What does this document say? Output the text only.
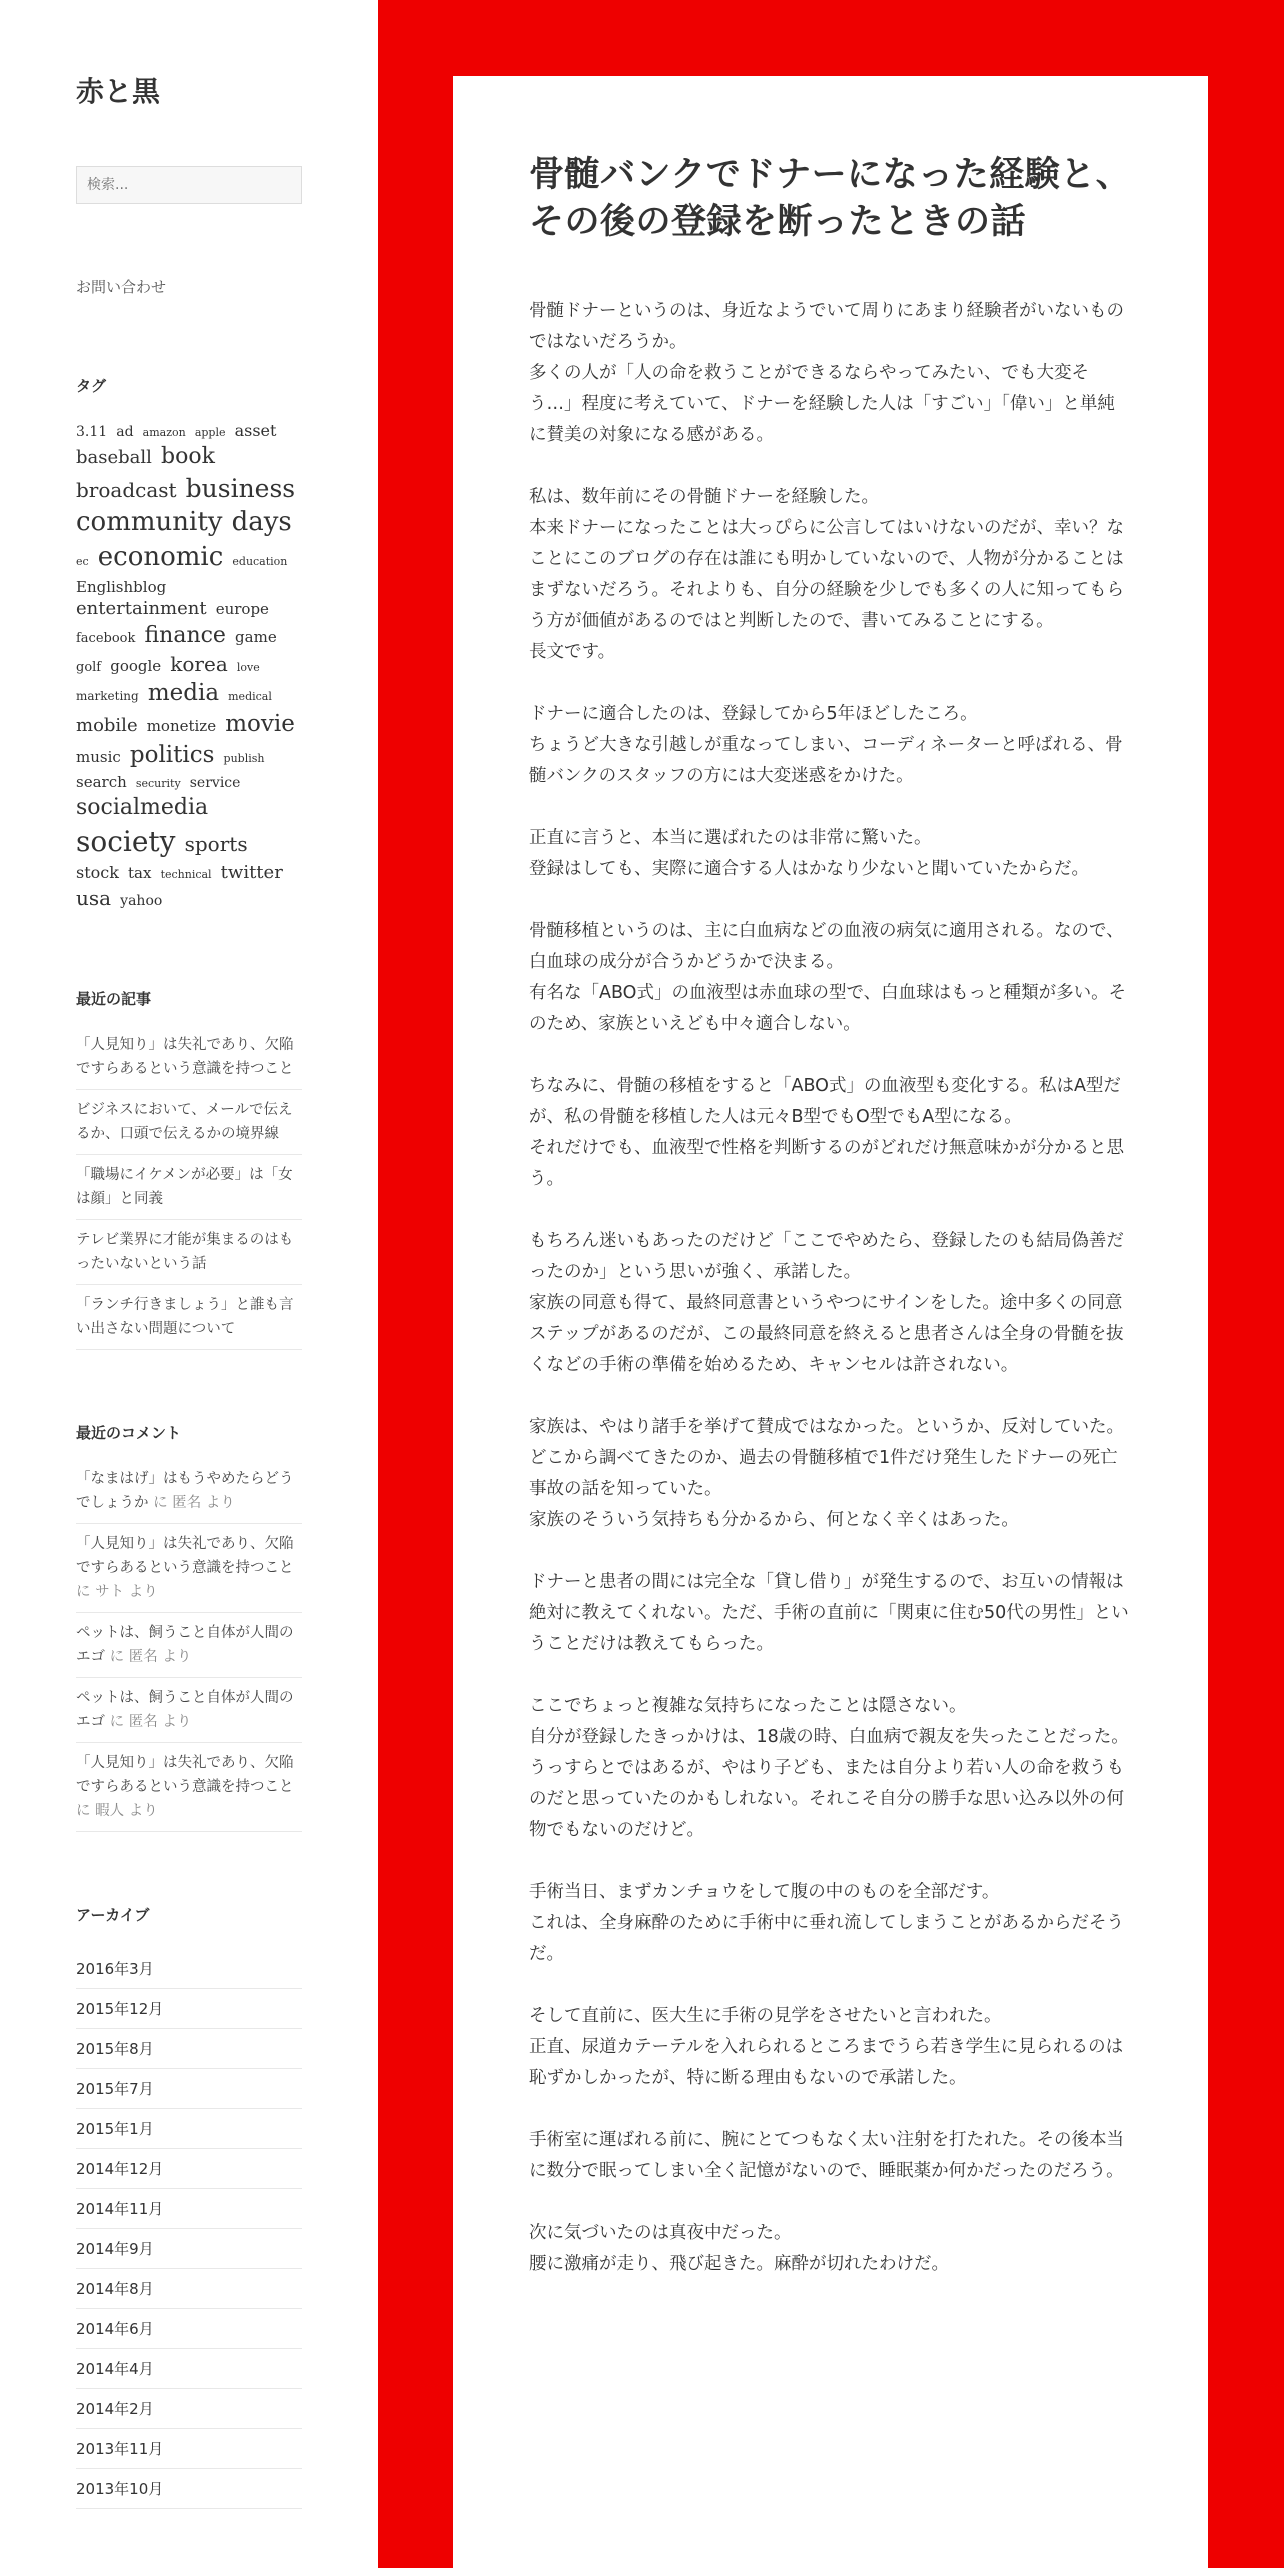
赤と黒
検索...
お問い合わせ
タグ
3.11 ad amazon apple asset baseball book broadcast business community days ec economic education Englishblog entertainment europe facebook finance game golf google korea love marketing media medical mobile monetize movie music politics publish search security service socialmedia society sports stock tax technical twitter usa yahoo
最近の記事
「人見知り」は失礼であり、欠陥ですらあるという意識を持つこと
ビジネスにおいて、メールで伝えるか、口頭で伝えるかの境界線
「職場にイケメンが必要」は「女は顔」と同義
テレビ業界に才能が集まるのはもったいないという話
「ランチ行きましょう」と誰も言い出さない問題について
最近のコメント
「なまはげ」はもうやめたらどうでしょうか に 匿名 より
「人見知り」は失礼であり、欠陥ですらあるという意識を持つこと に サト より
ペットは、飼うこと自体が人間のエゴ に 匿名 より
ペットは、飼うこと自体が人間のエゴ に 匿名 より
「人見知り」は失礼であり、欠陥ですらあるという意識を持つこと に 暇人 より
アーカイブ
2016年3月
2015年12月
2015年8月
2015年7月
2015年1月
2014年12月
2014年11月
2014年9月
2014年8月
2014年6月
2014年4月
2014年2月
2013年11月
2013年10月
骨髄バンクでドナーになった経験と、その後の登録を断ったときの話

骨髄ドナーというのは、身近なようでいて周りにあまり経験者がいないものではないだろうか。
多くの人が「人の命を救うことができるならやってみたい、でも大変そう…」程度に考えていて、ドナーを経験した人は「すごい」「偉い」と単純に賛美の対象になる感がある。

私は、数年前にその骨髄ドナーを経験した。
本来ドナーになったことは大っぴらに公言してはいけないのだが、幸い？なことにこのブログの存在は誰にも明かしていないので、人物が分かることはまずないだろう。それよりも、自分の経験を少しでも多くの人に知ってもらう方が価値があるのではと判断したので、書いてみることにする。
長文です。

ドナーに適合したのは、登録してから5年ほどしたころ。
ちょうど大きな引越しが重なってしまい、コーディネーターと呼ばれる、骨髄バンクのスタッフの方には大変迷惑をかけた。

正直に言うと、本当に選ばれたのは非常に驚いた。
登録はしても、実際に適合する人はかなり少ないと聞いていたからだ。

骨髄移植というのは、主に白血病などの血液の病気に適用される。なので、白血球の成分が合うかどうかで決まる。
有名な「ABO式」の血液型は赤血球の型で、白血球はもっと種類が多い。そのため、家族といえども中々適合しない。

ちなみに、骨髄の移植をすると「ABO式」の血液型も変化する。私はA型だが、私の骨髄を移植した人は元々B型でもO型でもA型になる。
それだけでも、血液型で性格を判断するのがどれだけ無意味かが分かると思う。

もちろん迷いもあったのだけど「ここでやめたら、登録したのも結局偽善だったのか」という思いが強く、承諾した。
家族の同意も得て、最終同意書というやつにサインをした。途中多くの同意ステップがあるのだが、この最終同意を終えると患者さんは全身の骨髄を抜くなどの手術の準備を始めるため、キャンセルは許されない。

家族は、やはり諸手を挙げて賛成ではなかった。というか、反対していた。
どこから調べてきたのか、過去の骨髄移植で1件だけ発生したドナーの死亡事故の話を知っていた。
家族のそういう気持ちも分かるから、何となく辛くはあった。

ドナーと患者の間には完全な「貸し借り」が発生するので、お互いの情報は絶対に教えてくれない。ただ、手術の直前に「関東に住む50代の男性」ということだけは教えてもらった。

ここでちょっと複雑な気持ちになったことは隠さない。
自分が登録したきっかけは、18歳の時、白血病で親友を失ったことだった。
うっすらとではあるが、やはり子ども、または自分より若い人の命を救うものだと思っていたのかもしれない。それこそ自分の勝手な思い込み以外の何物でもないのだけど。

手術当日、まずカンチョウをして腹の中のものを全部だす。
これは、全身麻酔のために手術中に垂れ流してしまうことがあるからだそうだ。

そして直前に、医大生に手術の見学をさせたいと言われた。
正直、尿道カテーテルを入れられるところまでうら若き学生に見られるのは恥ずかしかったが、特に断る理由もないので承諾した。

手術室に運ばれる前に、腕にとてつもなく太い注射を打たれた。その後本当に数分で眠ってしまい全く記憶がないので、睡眠薬か何かだったのだろう。

次に気づいたのは真夜中だった。
腰に激痛が走り、飛び起きた。麻酔が切れたわけだ。
